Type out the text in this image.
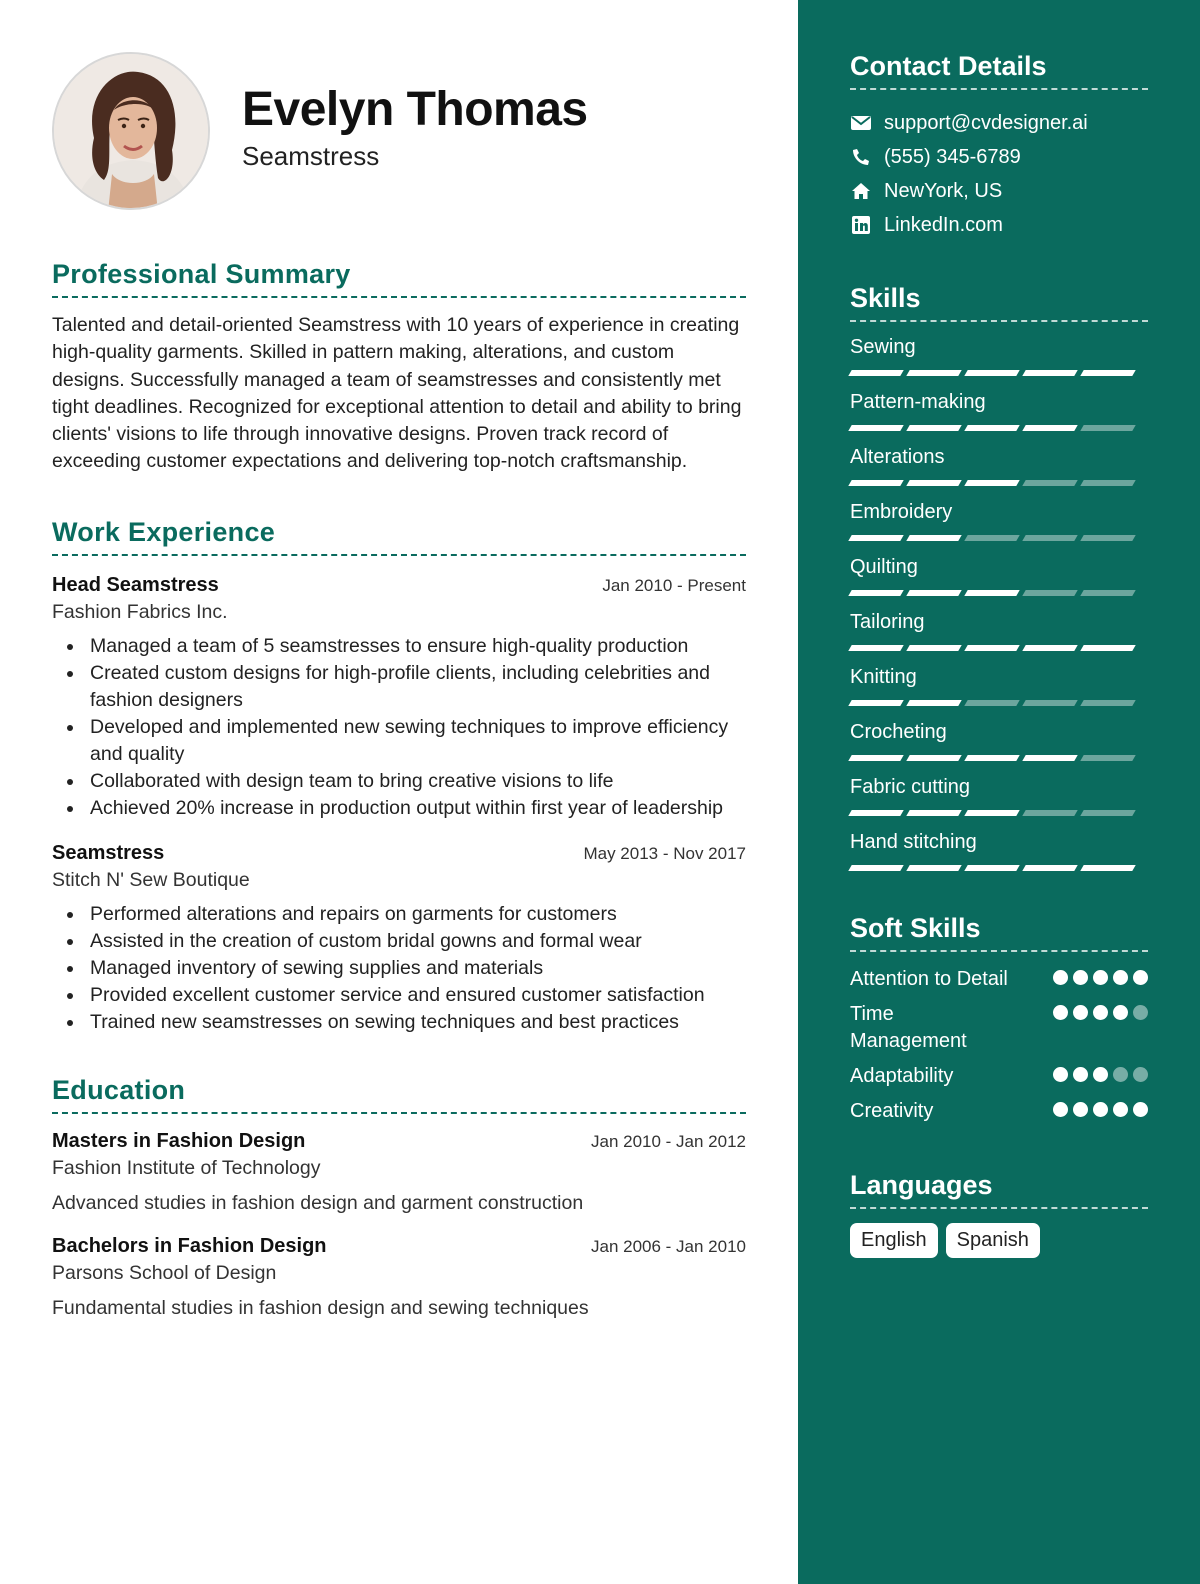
Evelyn Thomas
Seamstress
Professional Summary

Talented and detail-oriented Seamstress with 10 years of experience in creating high-quality garments. Skilled in pattern making, alterations, and custom designs. Successfully managed a team of seamstresses and consistently met tight deadlines. Recognized for exceptional attention to detail and ability to bring clients' visions to life through innovative designs. Proven track record of exceeding customer expectations and delivering top-notch craftsmanship.

Work Experience
Head Seamstress	Jan 2010 - Present
Fashion Fabrics Inc.
Managed a team of 5 seamstresses to ensure high-quality production
Created custom designs for high-profile clients, including celebrities and fashion designers
Developed and implemented new sewing techniques to improve efficiency and quality
Collaborated with design team to bring creative visions to life
Achieved 20% increase in production output within first year of leadership
Seamstress	May 2013 - Nov 2017
Stitch N' Sew Boutique
Performed alterations and repairs on garments for customers
Assisted in the creation of custom bridal gowns and formal wear
Managed inventory of sewing supplies and materials
Provided excellent customer service and ensured customer satisfaction
Trained new seamstresses on sewing techniques and best practices
Education
Masters in Fashion Design	Jan 2010 - Jan 2012
Fashion Institute of Technology
Advanced studies in fashion design and garment construction
Bachelors in Fashion Design	Jan 2006 - Jan 2010
Parsons School of Design
Fundamental studies in fashion design and sewing techniques
Contact Details
support@cvdesigner.ai
(555) 345-6789
NewYork, US
LinkedIn.com
Skills
Sewing
Pattern-making
Alterations
Embroidery
Quilting
Tailoring
Knitting
Crocheting
Fabric cutting
Hand stitching
Soft Skills
Attention to Detail
Time Management
Adaptability
Creativity
Languages
English	Spanish
